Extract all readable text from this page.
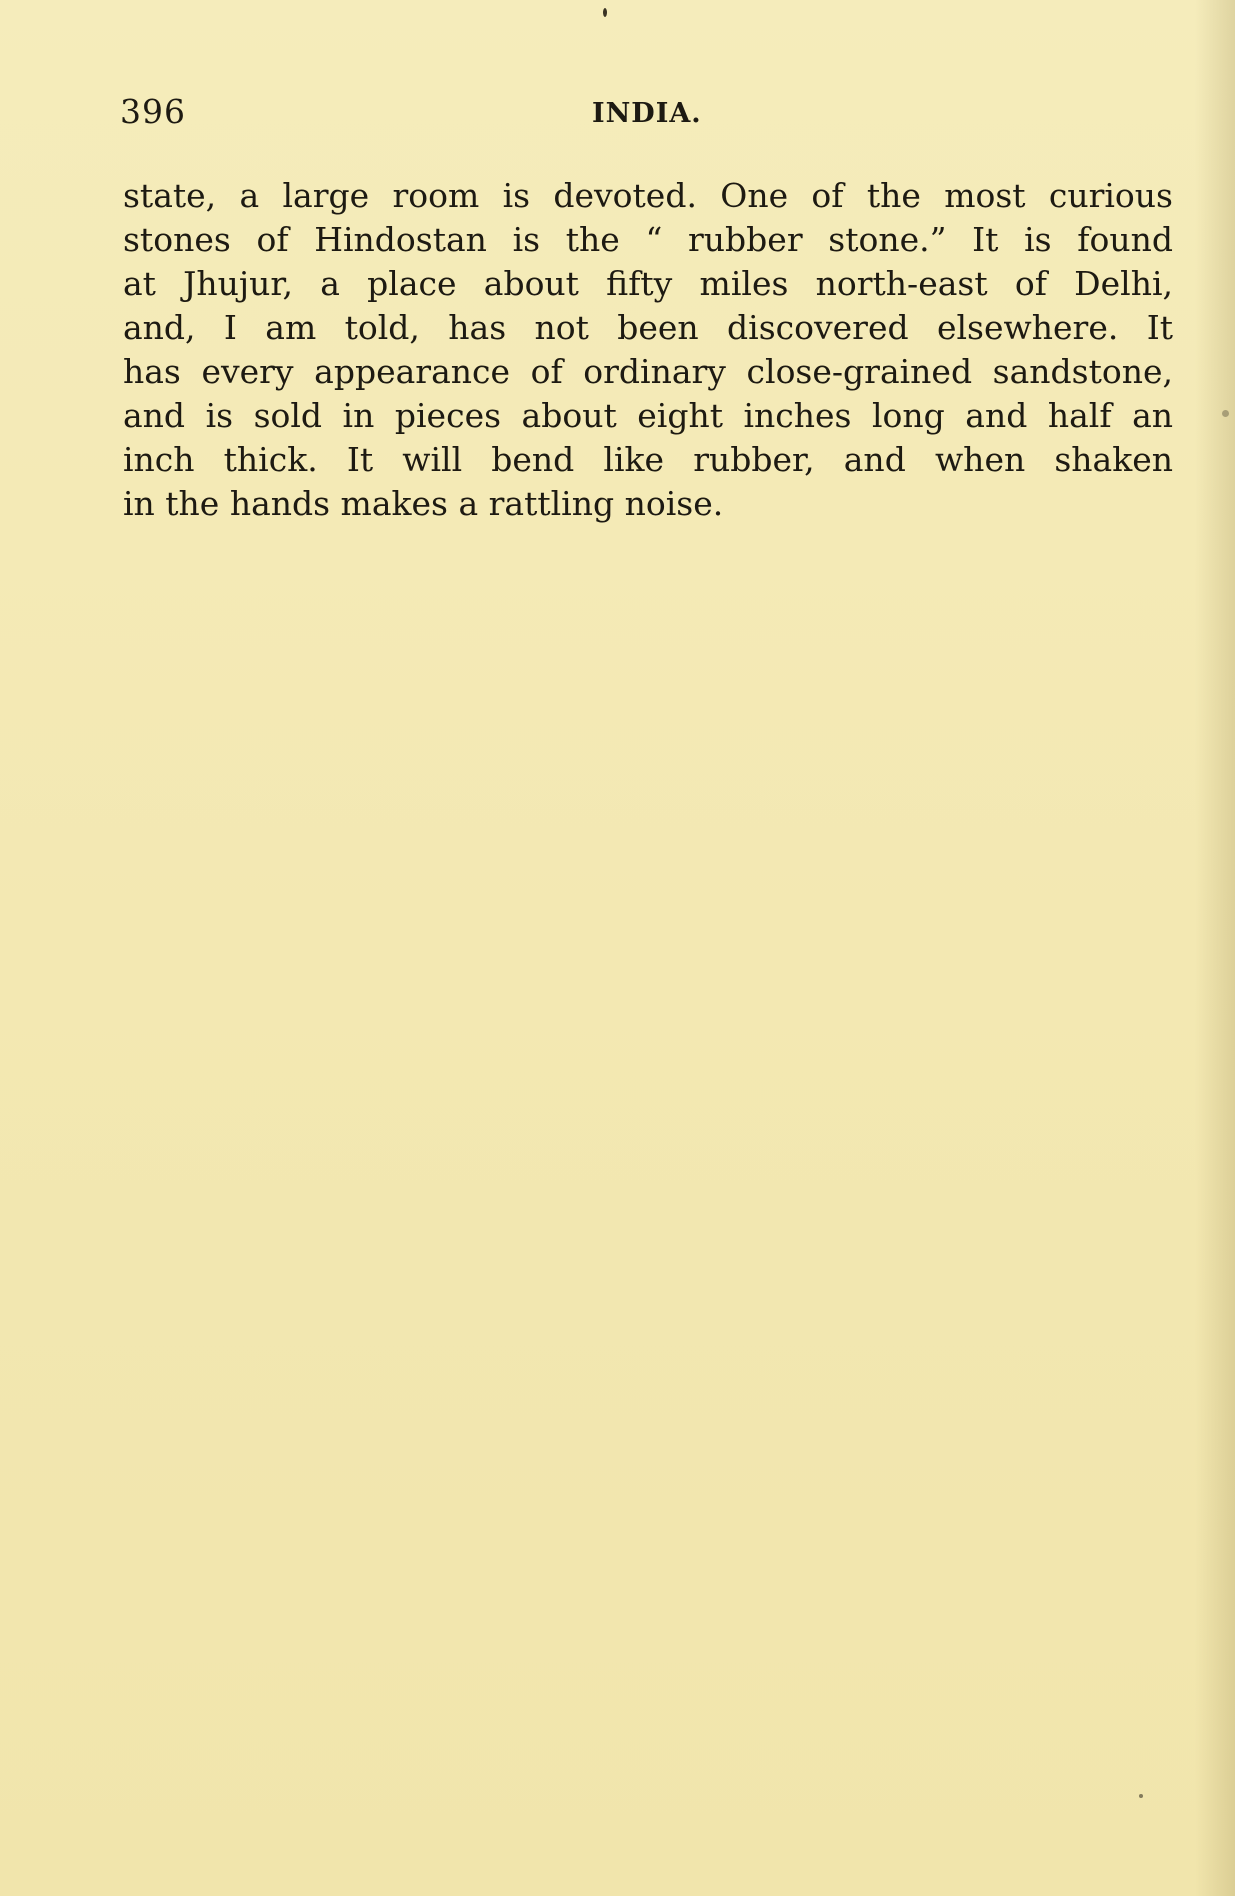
396	INDIA.

state, a large room is devoted. One of the most curious
stones of Hindostan is the “ rubber stone.” It is found
at Jhujur, a place about fifty miles north-east of Delhi,
and, I am told, has not been discovered elsewhere. It
has every appearance of ordinary close-grained sandstone,
and is sold in pieces about eight inches long and half an
inch thick. It will bend like rubber, and when shaken
in the hands makes a rattling noise.
